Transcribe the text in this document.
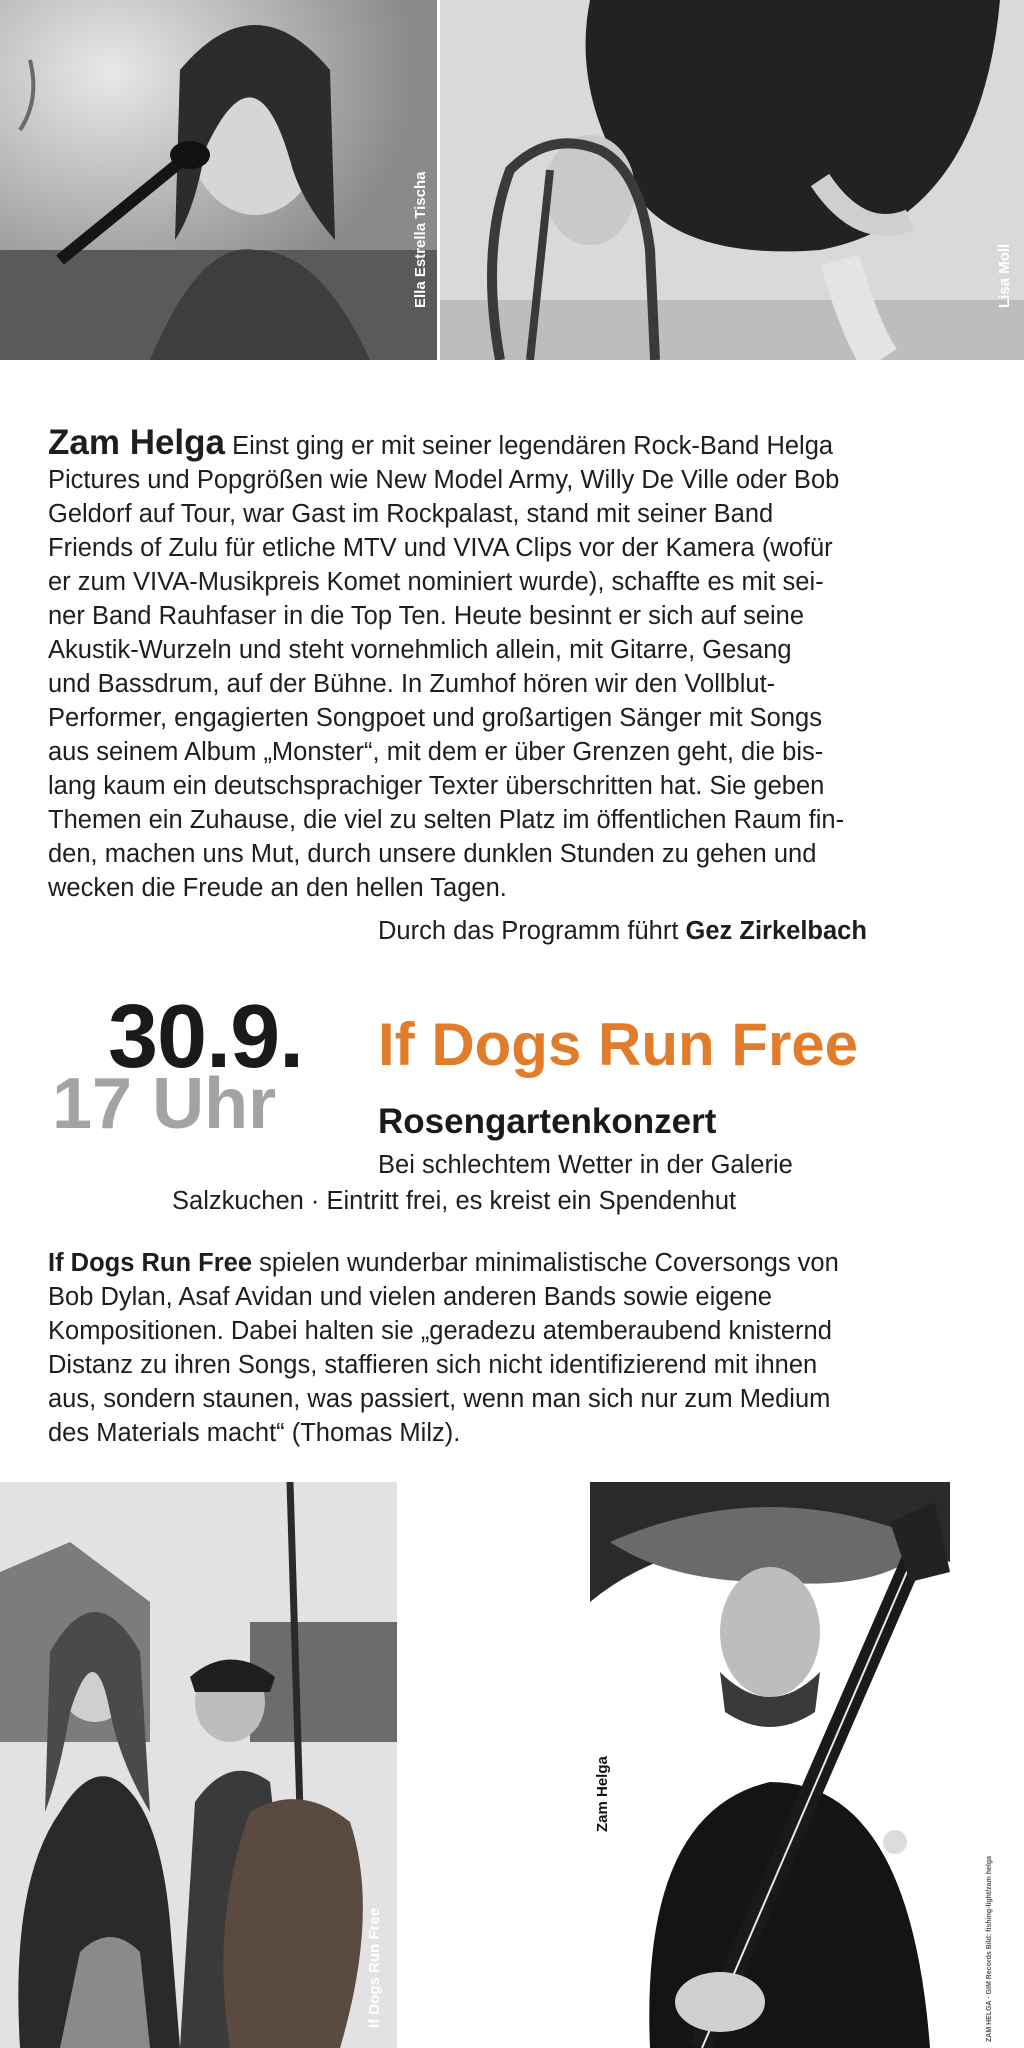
Ella Estrella Tischa	Lisa Moll
Zam Helga Einst ging er mit seiner legendären Rock-Band Helga
Pictures und Popgrößen wie New Model Army, Willy De Ville oder Bob
Geldorf auf Tour, war Gast im Rockpalast, stand mit seiner Band
Friends of Zulu für etliche MTV und VIVA Clips vor der Kamera (wofür
er zum VIVA-Musikpreis Komet nominiert wurde), schaffte es mit sei-
ner Band Rauhfaser in die Top Ten. Heute besinnt er sich auf seine
Akustik-Wurzeln und steht vornehmlich allein, mit Gitarre, Gesang
und Bassdrum, auf der Bühne. In Zumhof hören wir den Vollblut-
Performer, engagierten Songpoet und großartigen Sänger mit Songs
aus seinem Album „Monster“, mit dem er über Grenzen geht, die bis-
lang kaum ein deutschsprachiger Texter überschritten hat. Sie geben
Themen ein Zuhause, die viel zu selten Platz im öffentlichen Raum fin-
den, machen uns Mut, durch unsere dunklen Stunden zu gehen und
wecken die Freude an den hellen Tagen.
Durch das Programm führt Gez Zirkelbach
30.9.
17 Uhr
If Dogs Run Free
Rosengartenkonzert
Bei schlechtem Wetter in der Galerie
Salzkuchen · Eintritt frei, es kreist ein Spendenhut
If Dogs Run Free spielen wunderbar minimalistische Coversongs von
Bob Dylan, Asaf Avidan und vielen anderen Bands sowie eigene
Kompositionen. Dabei halten sie „geradezu atemberaubend knisternd
Distanz zu ihren Songs, staffieren sich nicht identifizierend mit ihnen
aus, sondern staunen, was passiert, wenn man sich nur zum Medium
des Materials macht“ (Thomas Milz).
If Dogs Run Free
Zam Helga
ZAM HELGA · GIM Records Bild: fishing-light/zam helga
